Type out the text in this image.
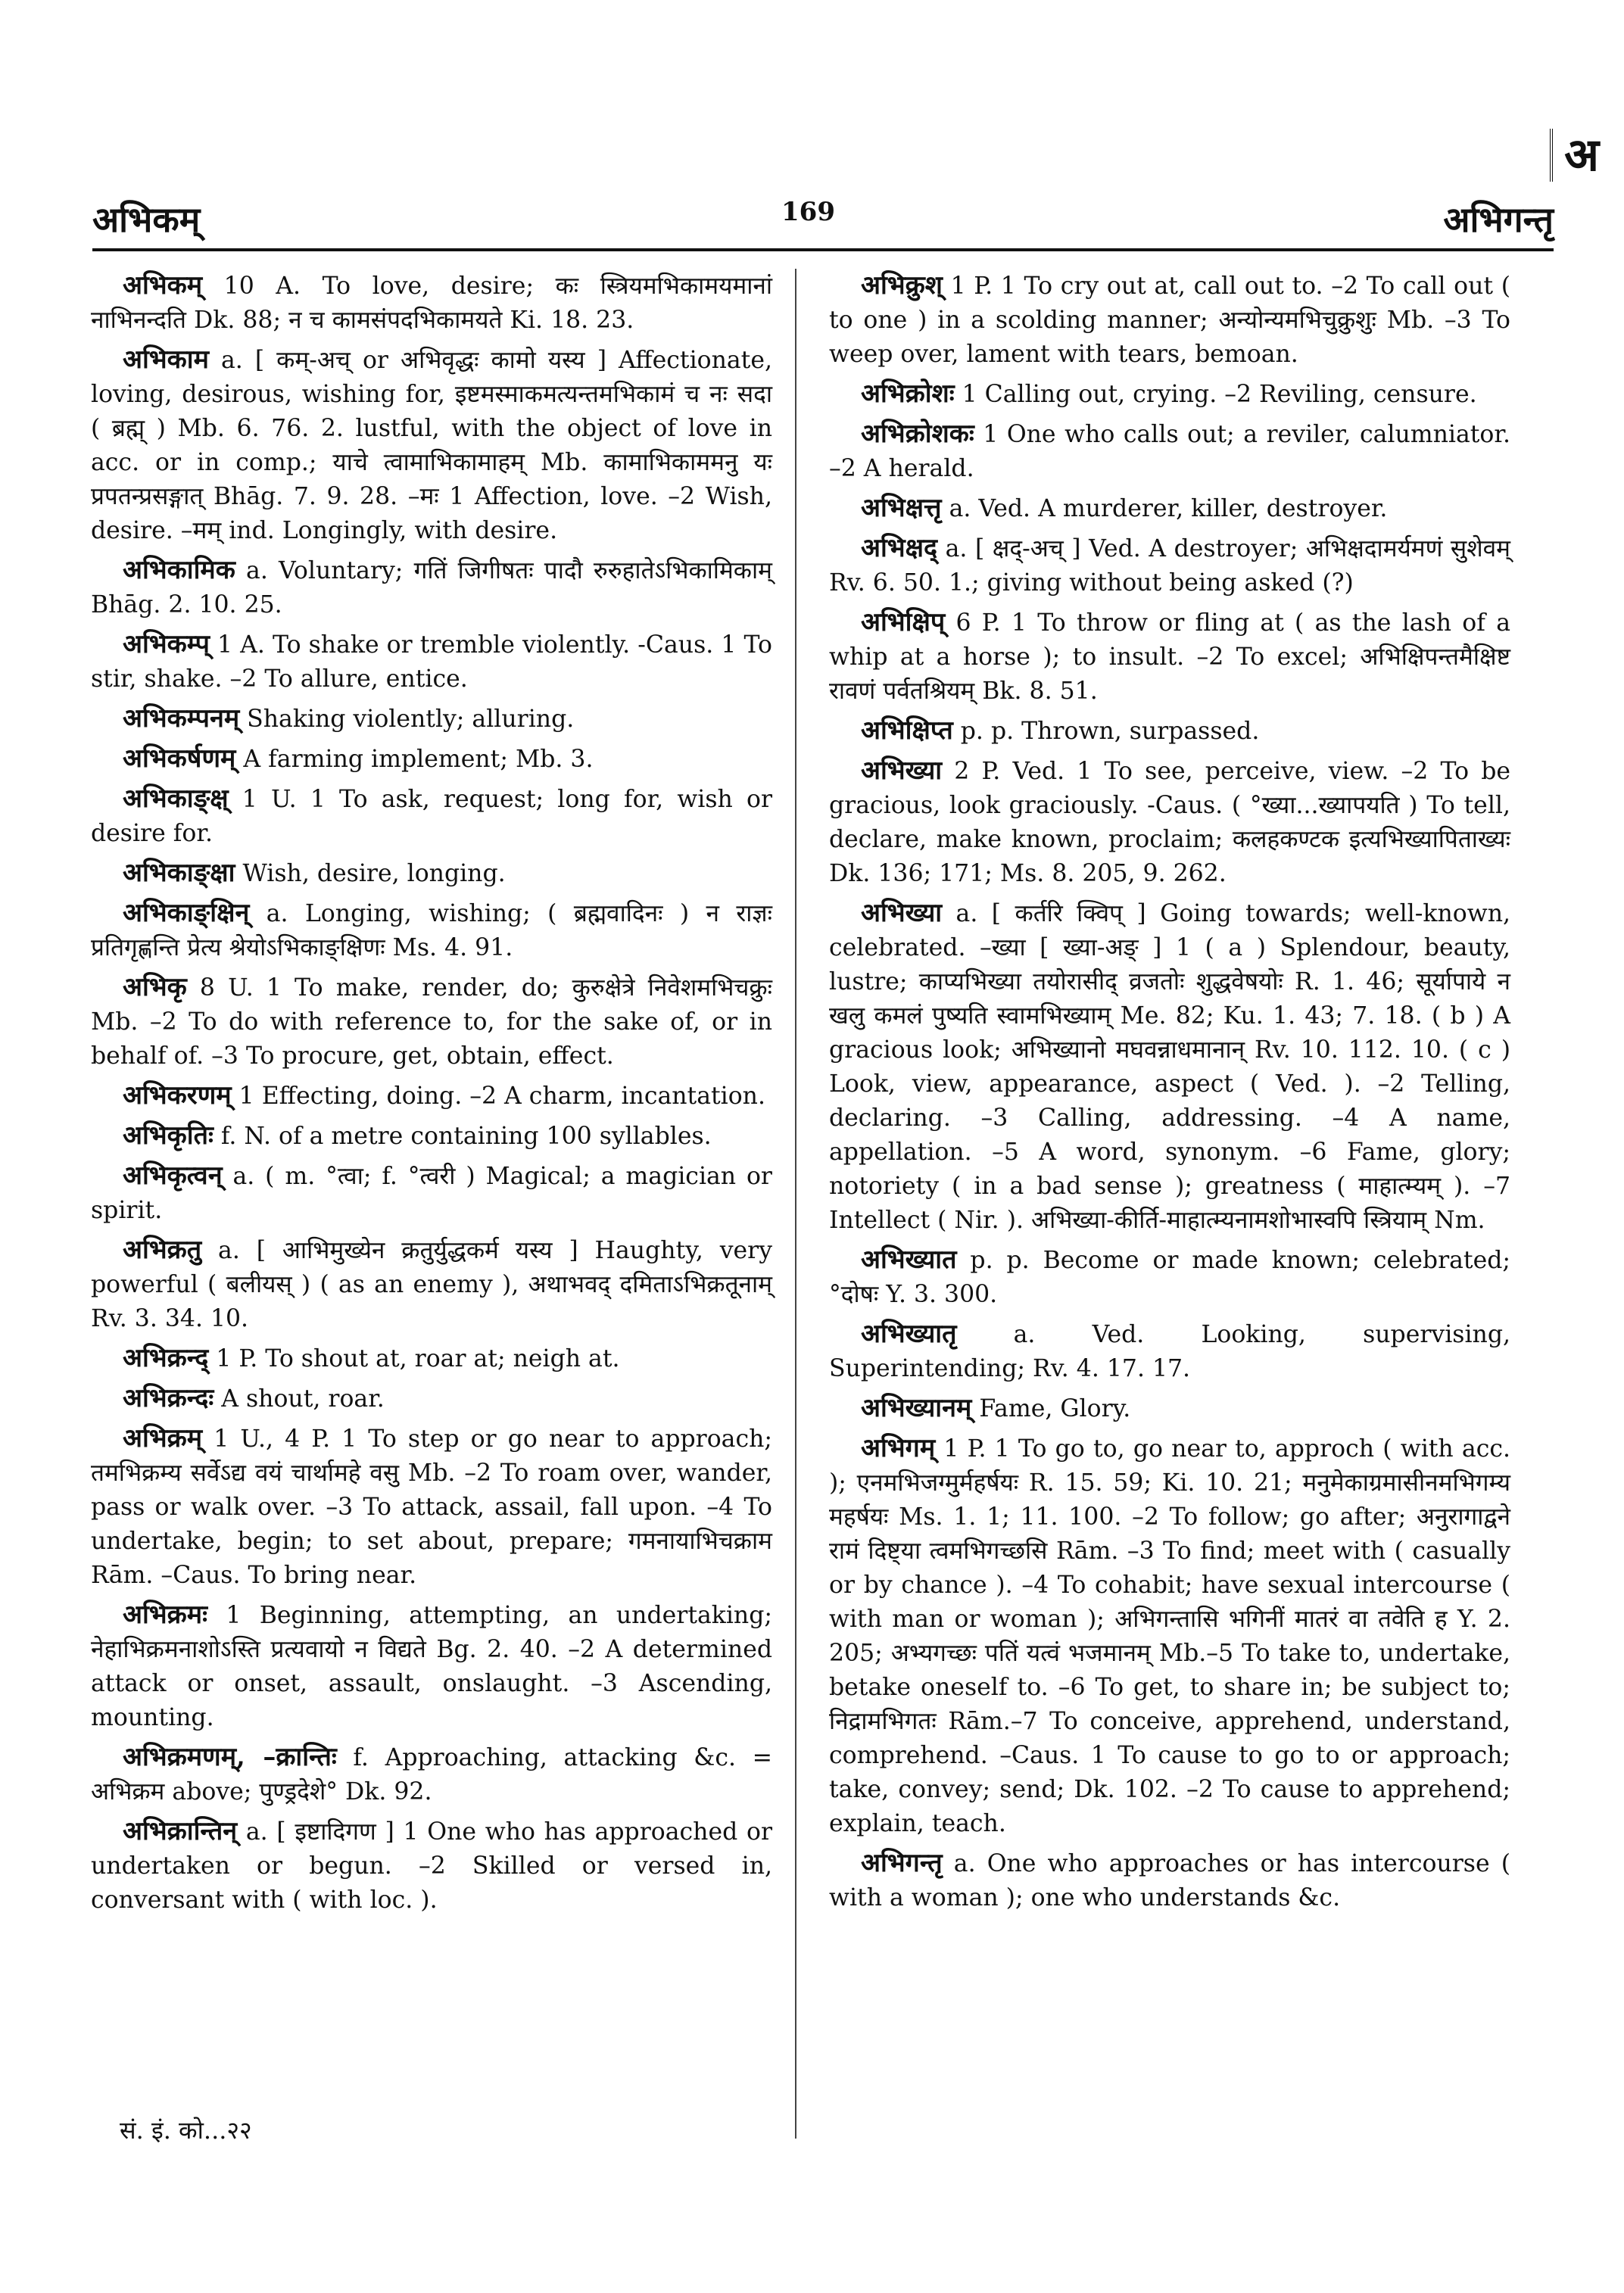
अभिकम्	169	अभिगन्तृ
अ

अभिकम् 10 A. To love, desire; कः स्त्रियमभिकामयमानां नाभिनन्दति Dk. 88; न च कामसंपदभिकामयते Ki. 18. 23.

अभिकाम a. [ कम्-अच् or अभिवृद्धः कामो यस्य ] Affectionate, loving, desirous, wishing for, इष्टमस्माकमत्यन्तमभिकामं च नः सदा ( ब्रह्म् ) Mb. 6. 76. 2. lustful, with the object of love in acc. or in comp.; याचे त्वामाभिकामाहम् Mb. कामाभिकाममनु यः प्रपतन्प्रसङ्गात् Bhāg. 7. 9. 28. –मः 1 Affection, love. –2 Wish, desire. –मम् ind. Longingly, with desire.

अभिकामिक a. Voluntary; गतिं जिगीषतः पादौ रुरुहातेऽभिकामिकाम् Bhāg. 2. 10. 25.

अभिकम्प् 1 A. To shake or tremble violently. -Caus. 1 To stir, shake. –2 To allure, entice.

अभिकम्पनम् Shaking violently; alluring.

अभिकर्षणम् A farming implement; Mb. 3.

अभिकाङ्क्ष् 1 U. 1 To ask, request; long for, wish or desire for.

अभिकाङ्क्षा Wish, desire, longing.

अभिकाङ्क्षिन् a. Longing, wishing; ( ब्रह्मवादिनः ) न राज्ञः प्रतिगृह्णन्ति प्रेत्य श्रेयोऽभिकाङ्क्षिणः Ms. 4. 91.

अभिकृ 8 U. 1 To make, render, do; कुरुक्षेत्रे निवेशमभिचक्रुः Mb. –2 To do with reference to, for the sake of, or in behalf of. –3 To procure, get, obtain, effect.

अभिकरणम् 1 Effecting, doing. –2 A charm, incantation.

अभिकृतिः f. N. of a metre containing 100 syllables.

अभिकृत्वन् a. ( m. °त्वा; f. °त्वरी ) Magical; a magician or spirit.

अभिक्रतु a. [ आभिमुख्येन क्रतुर्युद्धकर्म यस्य ] Haughty, very powerful ( बलीयस् ) ( as an enemy ), अथाभवद् दमिताऽभिक्रतूनाम् Rv. 3. 34. 10.

अभिक्रन्द् 1 P. To shout at, roar at; neigh at.

अभिक्रन्दः A shout, roar.

अभिक्रम् 1 U., 4 P. 1 To step or go near to approach; तमभिक्रम्य सर्वेऽद्य वयं चार्थामहे वसु Mb. –2 To roam over, wander, pass or walk over. –3 To attack, assail, fall upon. –4 To undertake, begin; to set about, prepare; गमनायाभिचक्राम Rām. –Caus. To bring near.

अभिक्रमः 1 Beginning, attempting, an undertaking; नेहाभिक्रमनाशोऽस्ति प्रत्यवायो न विद्यते Bg. 2. 40. –2 A determined attack or onset, assault, onslaught. –3 Ascending, mounting.

अभिक्रमणम्, –क्रान्तिः f. Approaching, attacking &c. = अभिक्रम above; पुण्ड्रदेशे° Dk. 92.

अभिक्रान्तिन् a. [ इष्टादिगण ] 1 One who has approached or undertaken or begun. –2 Skilled or versed in, conversant with ( with loc. ).

अभिक्रुश् 1 P. 1 To cry out at, call out to. –2 To call out ( to one ) in a scolding manner; अन्योन्यमभिचुक्रुशुः Mb. –3 To weep over, lament with tears, bemoan.

अभिक्रोशः 1 Calling out, crying. –2 Reviling, censure.

अभिक्रोशकः 1 One who calls out; a reviler, calumniator. –2 A herald.

अभिक्षत्तृ a. Ved. A murderer, killer, destroyer.

अभिक्षद् a. [ क्षद्-अच् ] Ved. A destroyer; अभिक्षदामर्यमणं सुशेवम् Rv. 6. 50. 1.; giving without being asked (?)

अभिक्षिप् 6 P. 1 To throw or fling at ( as the lash of a whip at a horse ); to insult. –2 To excel; अभिक्षिपन्तमैक्षिष्ट रावणं पर्वतश्रियम् Bk. 8. 51.

अभिक्षिप्त p. p. Thrown, surpassed.

अभिख्या 2 P. Ved. 1 To see, perceive, view. –2 To be gracious, look graciously. -Caus. ( °ख्या...ख्यापयति ) To tell, declare, make known, proclaim; कलहकण्टक इत्यभिख्यापिताख्यः Dk. 136; 171; Ms. 8. 205, 9. 262.

अभिख्या a. [ कर्तरि क्विप् ] Going towards; well-known, celebrated. –ख्या [ ख्या-अङ् ] 1 ( a ) Splendour, beauty, lustre; काप्यभिख्या तयोरासीद् व्रजतोः शुद्धवेषयोः R. 1. 46; सूर्यापाये न खलु कमलं पुष्यति स्वामभिख्याम् Me. 82; Ku. 1. 43; 7. 18. ( b ) A gracious look; अभिख्यानो मघवन्नाधमानान् Rv. 10. 112. 10. ( c ) Look, view, appearance, aspect ( Ved. ). –2 Telling, declaring. –3 Calling, addressing. –4 A name, appellation. –5 A word, synonym. –6 Fame, glory; notoriety ( in a bad sense ); greatness ( माहात्म्यम् ). –7 Intellect ( Nir. ). अभिख्या-कीर्ति-माहात्म्यनामशोभास्वपि स्त्रियाम् Nm.

अभिख्यात p. p. Become or made known; celebrated; °दोषः Y. 3. 300.

अभिख्यातृ a. Ved. Looking, supervising, Superintending; Rv. 4. 17. 17.

अभिख्यानम् Fame, Glory.

अभिगम् 1 P. 1 To go to, go near to, approch ( with acc. ); एनमभिजग्मुर्महर्षयः R. 15. 59; Ki. 10. 21; मनुमेकाग्रमासीनमभिगम्य महर्षयः Ms. 1. 1; 11. 100. –2 To follow; go after; अनुरागाद्वने रामं दिष्ट्या त्वमभिगच्छसि Rām. –3 To find; meet with ( casually or by chance ). –4 To cohabit; have sexual intercourse ( with man or woman ); अभिगन्तासि भगिनीं मातरं वा तवेति ह Y. 2. 205; अभ्यगच्छः पतिं यत्वं भजमानम् Mb.–5 To take to, undertake, betake oneself to. –6 To get, to share in; be subject to; निद्रामभिगतः Rām.–7 To conceive, apprehend, understand, comprehend. –Caus. 1 To cause to go to or approach; take, convey; send; Dk. 102. –2 To cause to apprehend; explain, teach.

अभिगन्तृ a. One who approaches or has intercourse ( with a woman ); one who understands &c.

सं. इं. को...२२
